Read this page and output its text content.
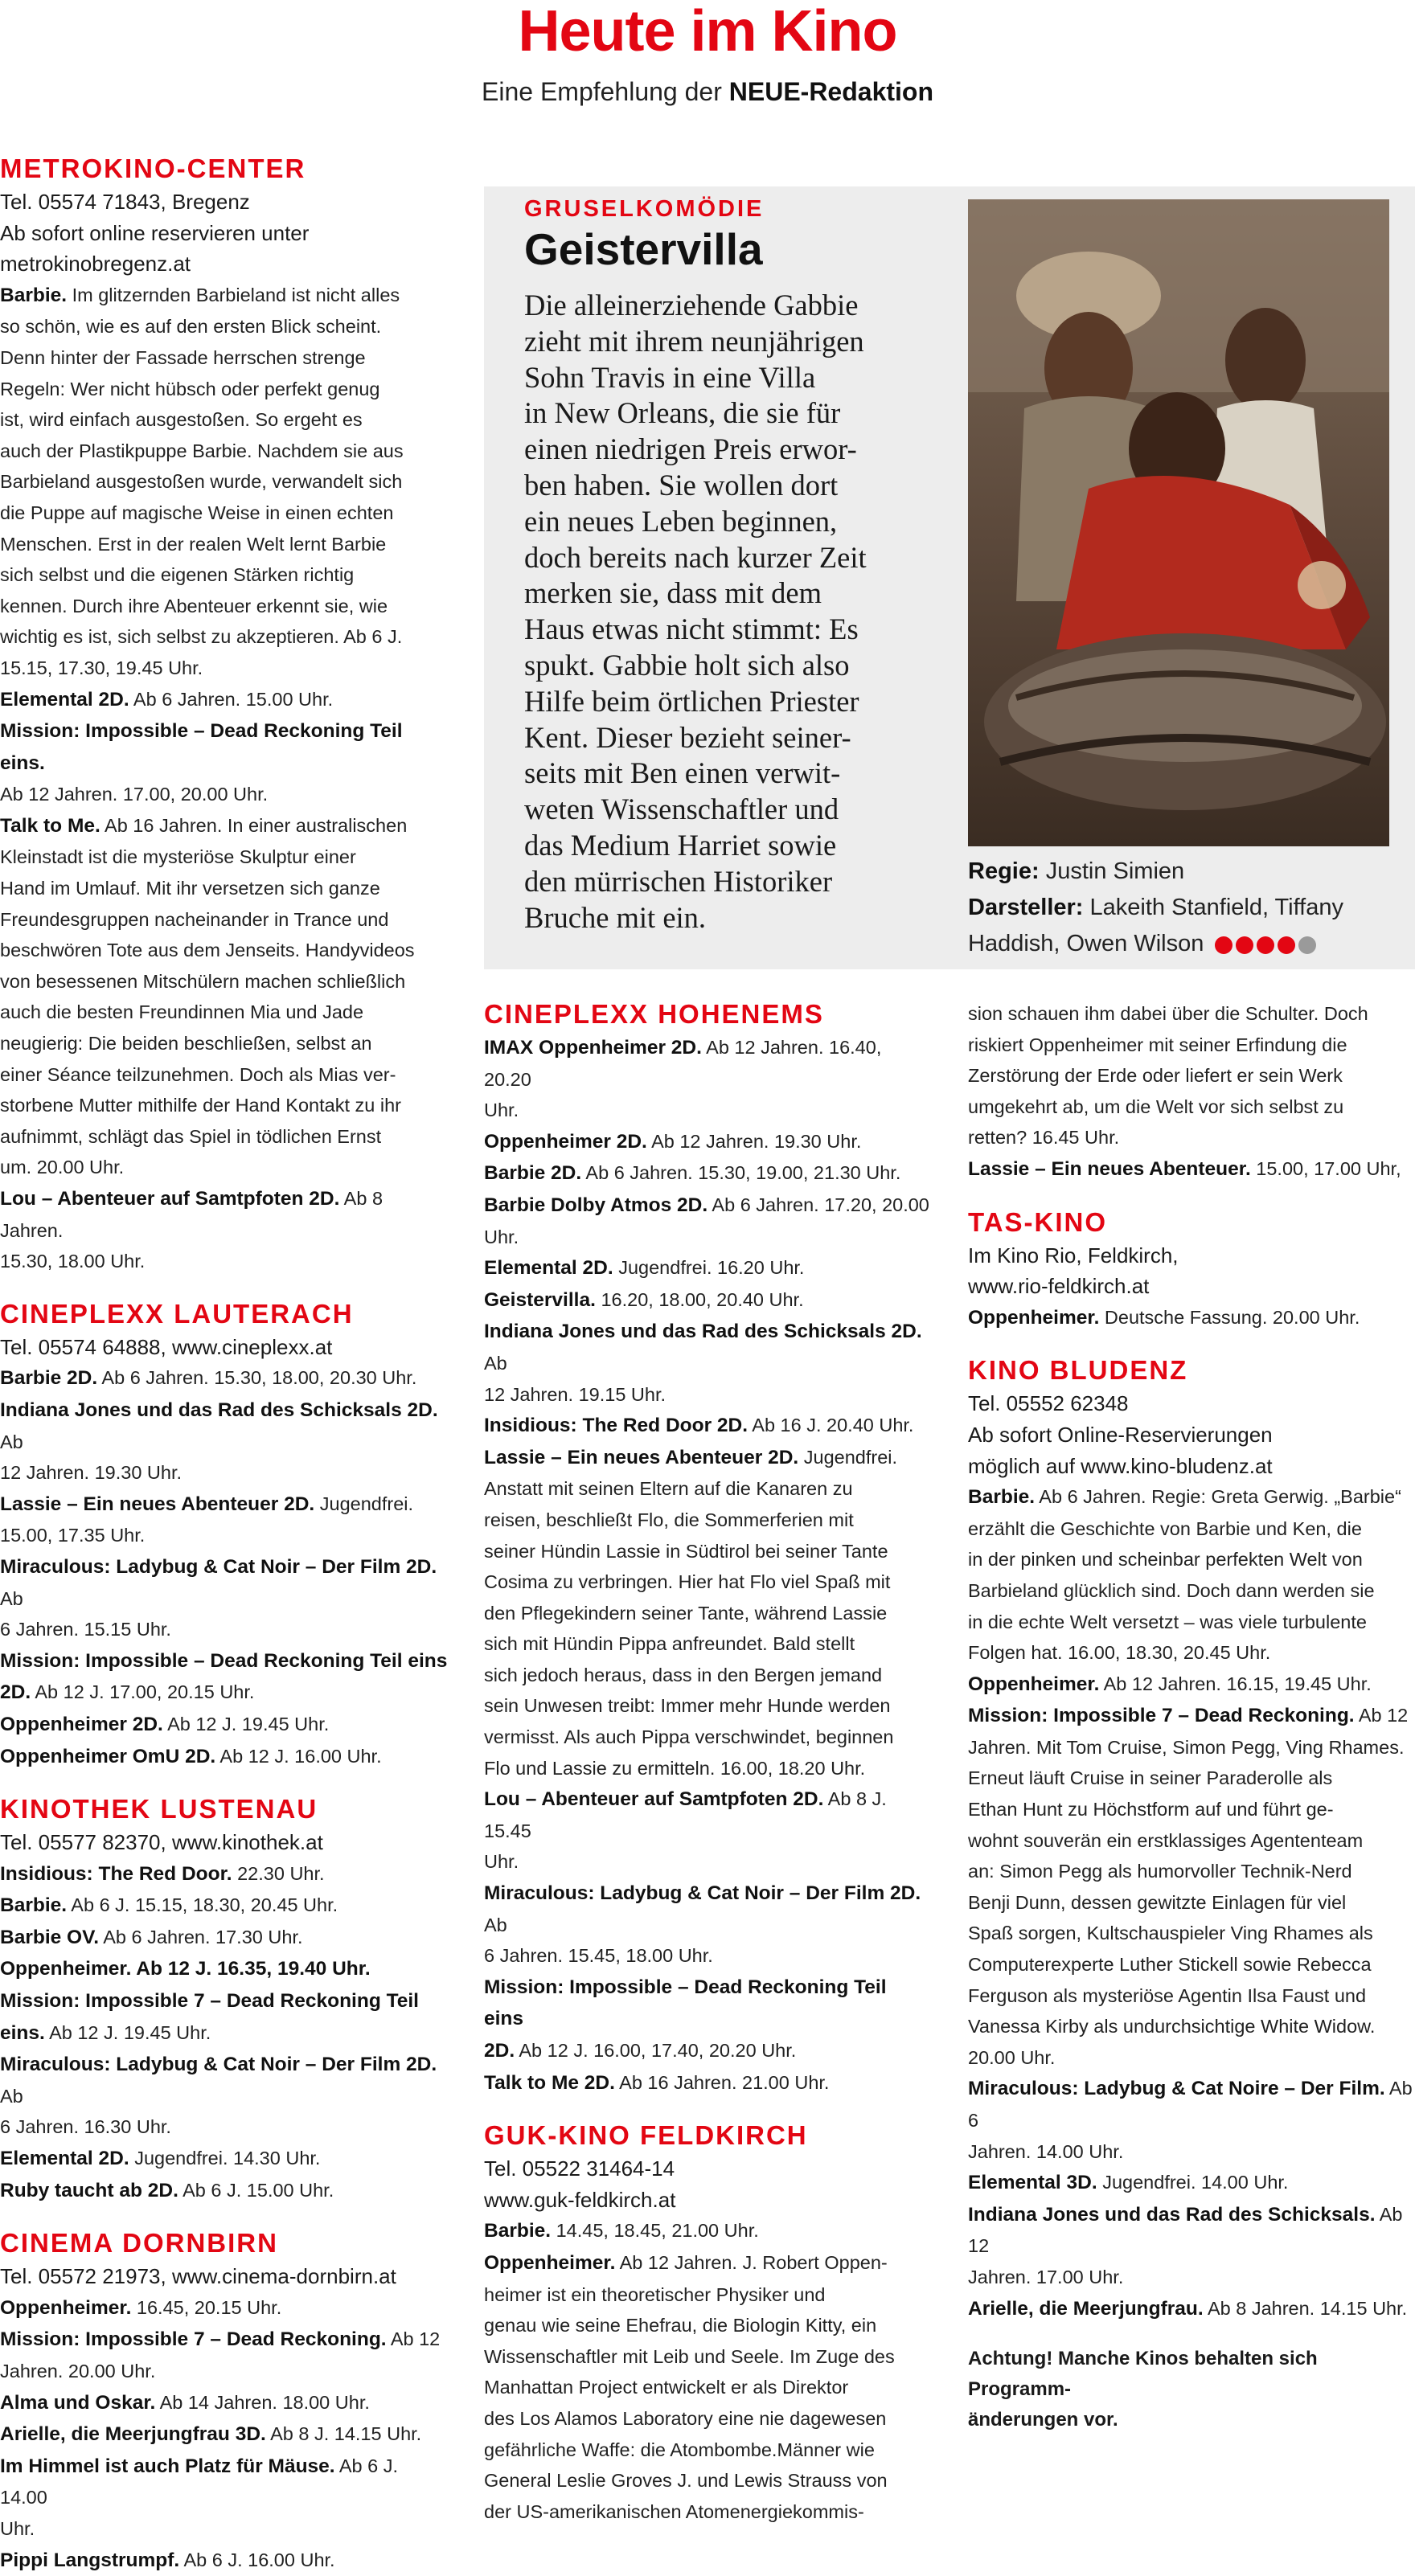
Heute im Kino
Eine Empfehlung der NEUE-Redaktion
METROKINO-CENTER
Tel. 05574 71843, Bregenz
Ab sofort online reservieren unter
metrokinobregenz.at
Barbie. Im glitzernden Barbieland ist nicht alles
so schön, wie es auf den ersten Blick scheint.
Denn hinter der Fassade herrschen strenge
Regeln: Wer nicht hübsch oder perfekt genug
ist, wird einfach ausgestoßen. So ergeht es
auch der Plastikpuppe Barbie. Nachdem sie aus
Barbieland ausgestoßen wurde, verwandelt sich
die Puppe auf magische Weise in einen echten
Menschen. Erst in der realen Welt lernt Barbie
sich selbst und die eigenen Stärken richtig
kennen. Durch ihre Abenteuer erkennt sie, wie
wichtig es ist, sich selbst zu akzeptieren. Ab 6 J.
15.15, 17.30, 19.45 Uhr.
Elemental 2D. Ab 6 Jahren. 15.00 Uhr.
Mission: Impossible – Dead Reckoning Teil eins.
Ab 12 Jahren. 17.00, 20.00 Uhr.
Talk to Me. Ab 16 Jahren. In einer australischen
Kleinstadt ist die mysteriöse Skulptur einer
Hand im Umlauf. Mit ihr versetzen sich ganze
Freundesgruppen nacheinander in Trance und
beschwören Tote aus dem Jenseits. Handyvideos
von besessenen Mitschülern machen schließlich
auch die besten Freundinnen Mia und Jade
neugierig: Die beiden beschließen, selbst an
einer Séance teilzunehmen. Doch als Mias ver-
storbene Mutter mithilfe der Hand Kontakt zu ihr
aufnimmt, schlägt das Spiel in tödlichen Ernst
um. 20.00 Uhr.
Lou – Abenteuer auf Samtpfoten 2D. Ab 8 Jahren.
15.30, 18.00 Uhr.
CINEPLEXX LAUTERACH
Tel. 05574 64888, www.cineplexx.at
Barbie 2D. Ab 6 Jahren. 15.30, 18.00, 20.30 Uhr.
Indiana Jones und das Rad des Schicksals 2D. Ab
12 Jahren. 19.30 Uhr.
Lassie – Ein neues Abenteuer 2D. Jugendfrei.
15.00, 17.35 Uhr.
Miraculous: Ladybug & Cat Noir – Der Film 2D. Ab
6 Jahren. 15.15 Uhr.
Mission: Impossible – Dead Reckoning Teil eins
2D. Ab 12 J. 17.00, 20.15 Uhr.
Oppenheimer 2D. Ab 12 J. 19.45 Uhr.
Oppenheimer OmU 2D. Ab 12 J. 16.00 Uhr.
KINOTHEK LUSTENAU
Tel. 05577 82370, www.kinothek.at
Insidious: The Red Door. 22.30 Uhr.
Barbie. Ab 6 J. 15.15, 18.30, 20.45 Uhr.
Barbie OV. Ab 6 Jahren. 17.30 Uhr.
Oppenheimer. Ab 12 J. 16.35, 19.40 Uhr.
Mission: Impossible 7 – Dead Reckoning Teil
eins. Ab 12 J. 19.45 Uhr.
Miraculous: Ladybug & Cat Noir – Der Film 2D. Ab
6 Jahren. 16.30 Uhr.
Elemental 2D. Jugendfrei. 14.30 Uhr.
Ruby taucht ab 2D. Ab 6 J. 15.00 Uhr.
CINEMA DORNBIRN
Tel. 05572 21973, www.cinema-dornbirn.at
Oppenheimer. 16.45, 20.15 Uhr.
Mission: Impossible 7 – Dead Reckoning. Ab 12
Jahren. 20.00 Uhr.
Alma und Oskar. Ab 14 Jahren. 18.00 Uhr.
Arielle, die Meerjungfrau 3D. Ab 8 J. 14.15 Uhr.
Im Himmel ist auch Platz für Mäuse. Ab 6 J. 14.00
Uhr.
Pippi Langstrumpf. Ab 6 J. 16.00 Uhr.
GRUSELKOMÖDIE
Geistervilla
Die alleinerziehende Gabbie
zieht mit ihrem neunjährigen
Sohn Travis in eine Villa
in New Orleans, die sie für
einen niedrigen Preis erwor-
ben haben. Sie wollen dort
ein neues Leben beginnen,
doch bereits nach kurzer Zeit
merken sie, dass mit dem
Haus etwas nicht stimmt: Es
spukt. Gabbie holt sich also
Hilfe beim örtlichen Priester
Kent. Dieser bezieht seiner-
seits mit Ben einen verwit-
weten Wissenschaftler und
das Medium Harriet sowie
den mürrischen Historiker
Bruche mit ein.
Regie: Justin Simien
Darsteller: Lakeith Stanfield, Tiffany
Haddish, Owen Wilson
CINEPLEXX HOHENEMS
IMAX Oppenheimer 2D. Ab 12 Jahren. 16.40, 20.20
Uhr.
Oppenheimer 2D. Ab 12 Jahren. 19.30 Uhr.
Barbie 2D. Ab 6 Jahren. 15.30, 19.00, 21.30 Uhr.
Barbie Dolby Atmos 2D. Ab 6 Jahren. 17.20, 20.00
Uhr.
Elemental 2D. Jugendfrei. 16.20 Uhr.
Geistervilla. 16.20, 18.00, 20.40 Uhr.
Indiana Jones und das Rad des Schicksals 2D. Ab
12 Jahren. 19.15 Uhr.
Insidious: The Red Door 2D. Ab 16 J. 20.40 Uhr.
Lassie – Ein neues Abenteuer 2D. Jugendfrei.
Anstatt mit seinen Eltern auf die Kanaren zu
reisen, beschließt Flo, die Sommerferien mit
seiner Hündin Lassie in Südtirol bei seiner Tante
Cosima zu verbringen. Hier hat Flo viel Spaß mit
den Pflegekindern seiner Tante, während Lassie
sich mit Hündin Pippa anfreundet. Bald stellt
sich jedoch heraus, dass in den Bergen jemand
sein Unwesen treibt: Immer mehr Hunde werden
vermisst. Als auch Pippa verschwindet, beginnen
Flo und Lassie zu ermitteln. 16.00, 18.20 Uhr.
Lou – Abenteuer auf Samtpfoten 2D. Ab 8 J. 15.45
Uhr.
Miraculous: Ladybug & Cat Noir – Der Film 2D. Ab
6 Jahren. 15.45, 18.00 Uhr.
Mission: Impossible – Dead Reckoning Teil eins
2D. Ab 12 J. 16.00, 17.40, 20.20 Uhr.
Talk to Me 2D. Ab 16 Jahren. 21.00 Uhr.
GUK-KINO FELDKIRCH
Tel. 05522 31464-14
www.guk-feldkirch.at
Barbie. 14.45, 18.45, 21.00 Uhr.
Oppenheimer. Ab 12 Jahren. J. Robert Oppen-
heimer ist ein theoretischer Physiker und
genau wie seine Ehefrau, die Biologin Kitty, ein
Wissenschaftler mit Leib und Seele. Im Zuge des
Manhattan Project entwickelt er als Direktor
des Los Alamos Laboratory eine nie dagewesen
gefährliche Waffe: die Atombombe.Männer wie
General Leslie Groves J. und Lewis Strauss von
der US-amerikanischen Atomenergiekommis-
sion schauen ihm dabei über die Schulter. Doch
riskiert Oppenheimer mit seiner Erfindung die
Zerstörung der Erde oder liefert er sein Werk
umgekehrt ab, um die Welt vor sich selbst zu
retten? 16.45 Uhr.
Lassie – Ein neues Abenteuer. 15.00, 17.00 Uhr,
TAS-KINO
Im Kino Rio, Feldkirch,
www.rio-feldkirch.at
Oppenheimer. Deutsche Fassung. 20.00 Uhr.
KINO BLUDENZ
Tel. 05552 62348
Ab sofort Online-Reservierungen
möglich auf www.kino-bludenz.at
Barbie. Ab 6 Jahren. Regie: Greta Gerwig. „Barbie“
erzählt die Geschichte von Barbie und Ken, die
in der pinken und scheinbar perfekten Welt von
Barbieland glücklich sind. Doch dann werden sie
in die echte Welt versetzt – was viele turbulente
Folgen hat. 16.00, 18.30, 20.45 Uhr.
Oppenheimer. Ab 12 Jahren. 16.15, 19.45 Uhr.
Mission: Impossible 7 – Dead Reckoning. Ab 12
Jahren. Mit Tom Cruise, Simon Pegg, Ving Rhames.
Erneut läuft Cruise in seiner Paraderolle als
Ethan Hunt zu Höchstform auf und führt ge-
wohnt souverän ein erstklassiges Agententeam
an: Simon Pegg als humorvoller Technik-Nerd
Benji Dunn, dessen gewitzte Einlagen für viel
Spaß sorgen, Kultschauspieler Ving Rhames als
Computerexperte Luther Stickell sowie Rebecca
Ferguson als mysteriöse Agentin Ilsa Faust und
Vanessa Kirby als undurchsichtige White Widow.
20.00 Uhr.
Miraculous: Ladybug & Cat Noire – Der Film. Ab 6
Jahren. 14.00 Uhr.
Elemental 3D. Jugendfrei. 14.00 Uhr.
Indiana Jones und das Rad des Schicksals. Ab 12
Jahren. 17.00 Uhr.
Arielle, die Meerjungfrau. Ab 8 Jahren. 14.15 Uhr.
Achtung! Manche Kinos behalten sich Programm-
änderungen vor.
